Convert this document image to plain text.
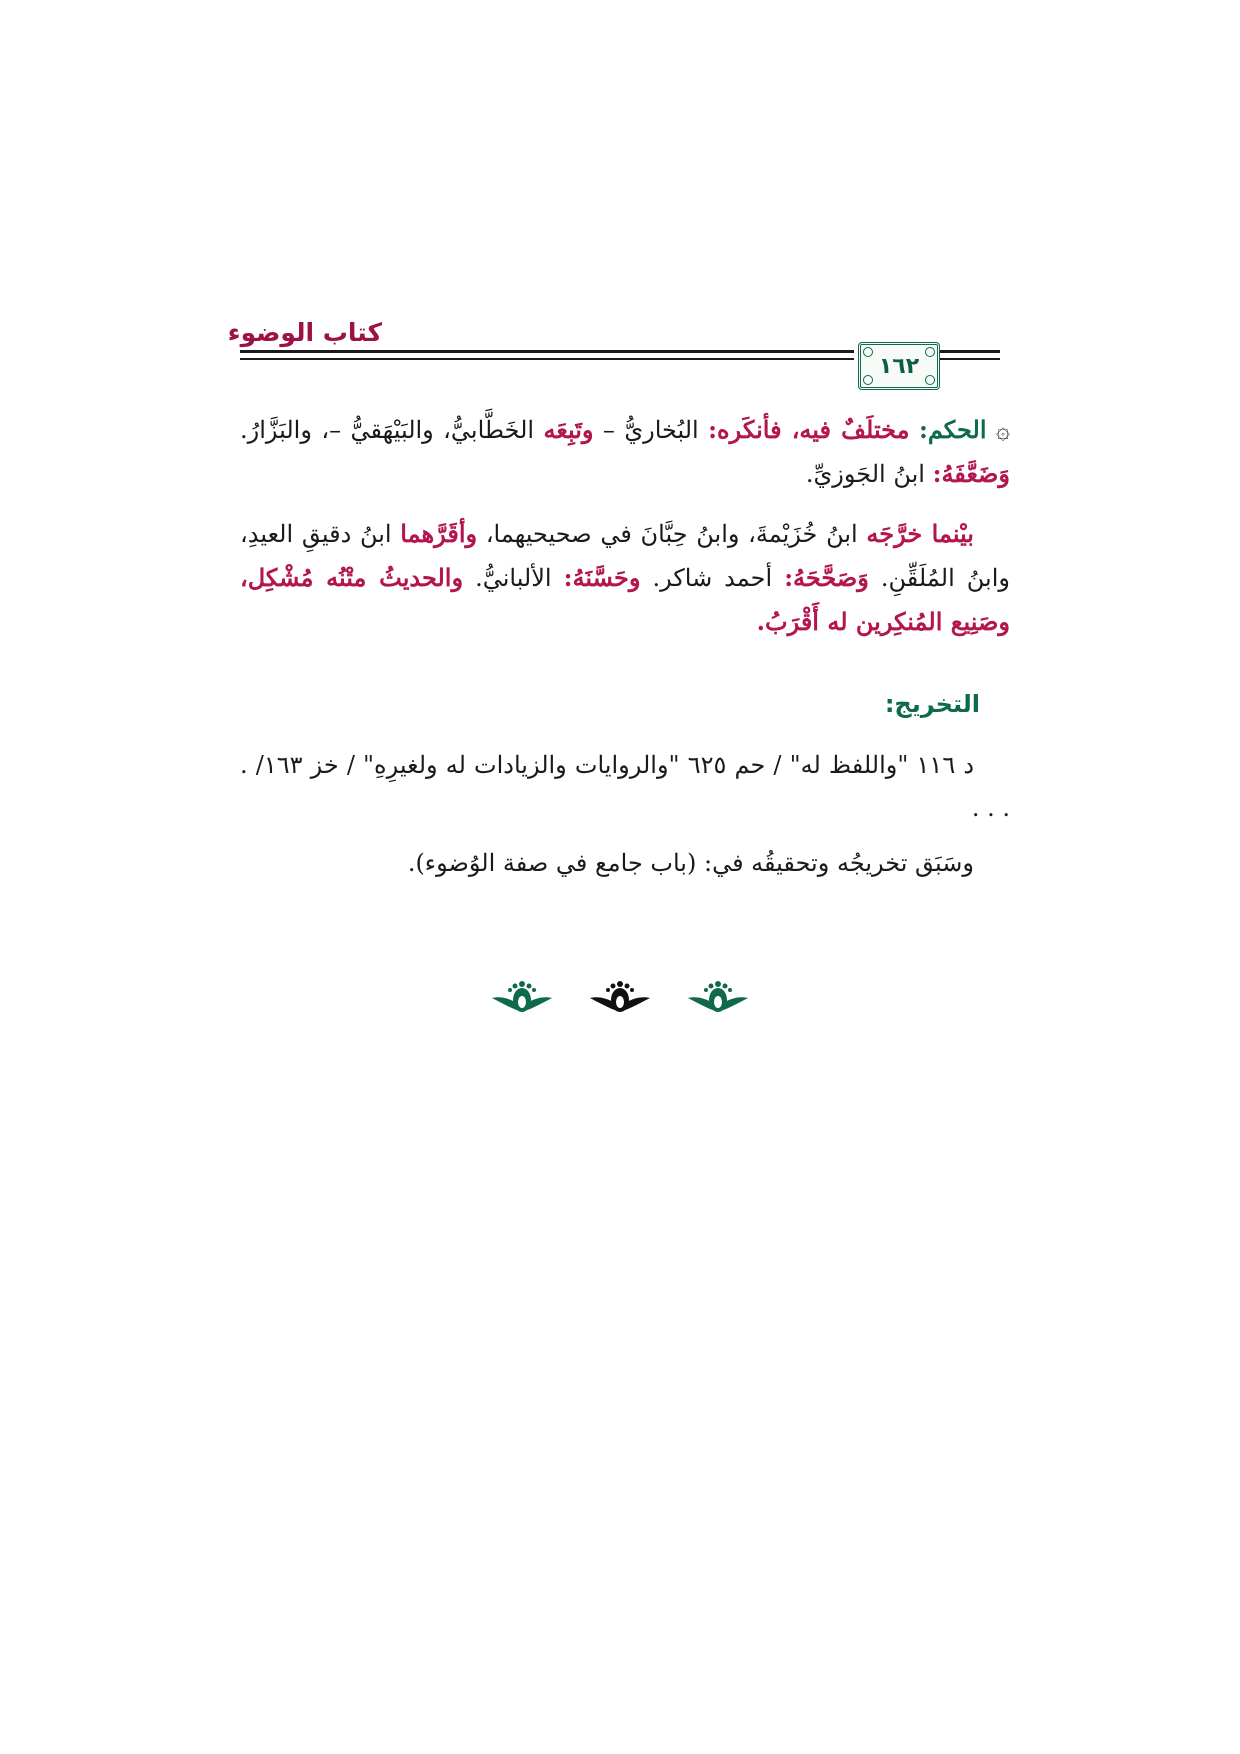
كتاب الوضوء
١٦٢
۞ الحكم: مختلَفٌ فيه، فأنكَره: البُخاريُّ – وتَبِعَه الخَطَّابيُّ، والبَيْهَقيُّ –، والبَزَّارُ. وَضَعَّفَهُ: ابنُ الجَوزيِّ.
بيْنما خرَّجَه ابنُ خُزَيْمةَ، وابنُ حِبَّانَ في صحيحيهما، وأقَرَّهما ابنُ دقيقِ العيدِ، وابنُ المُلَقِّنِ. وَصَحَّحَهُ: أحمد شاكر. وحَسَّنَهُ: الألبانيُّ. والحديثُ متْنُه مُشْكِل، وصَنِيع المُنكِرين له أَقْرَبُ.
التخريج:
د ١١٦ "واللفظ له" / حم ٦٢٥ "والروايات والزيادات له ولغيرِهِ" / خز ١٦٣/ . . . .
وسَبَق تخريجُه وتحقيقُه في: (باب جامع في صفة الوُضوء).
